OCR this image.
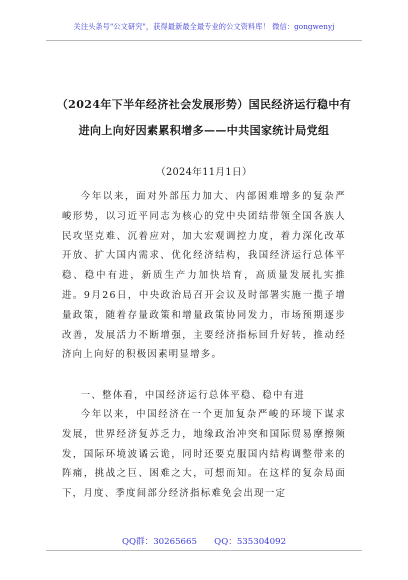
关注头条号"公文研究"，获得最新最全最专业的公文资料库！ 微信：gongwenyj
（2024年下半年经济社会发展形势）国民经济运行稳中有
进向上向好因素累积增多——中共国家统计局党组
（2024年11月1日）

今年以来，面对外部压力加大、内部困难增多的复杂严峻形势，以习近平同志为核心的党中央团结带领全国各族人民攻坚克难、沉着应对，加大宏观调控力度，着力深化改革开放、扩大国内需求、优化经济结构，我国经济运行总体平稳、稳中有进，新质生产力加快培育，高质量发展扎实推进。9月26日，中央政治局召开会议及时部署实施一揽子增量政策，随着存量政策和增量政策协同发力，市场预期逐步改善，发展活力不断增强，主要经济指标回升好转，推动经济向上向好的积极因素明显增多。

一、整体看，中国经济运行总体平稳、稳中有进

今年以来，中国经济在一个更加复杂严峻的环境下谋求发展，世界经济复苏乏力，地缘政治冲突和国际贸易摩擦频发，国际环境波谲云诡，同时还要克服国内结构调整带来的阵痛，挑战之巨、困难之大，可想而知。在这样的复杂局面下，月度、季度间部分经济指标难免会出现一定

QQ群：30265665　　QQ：535304092
